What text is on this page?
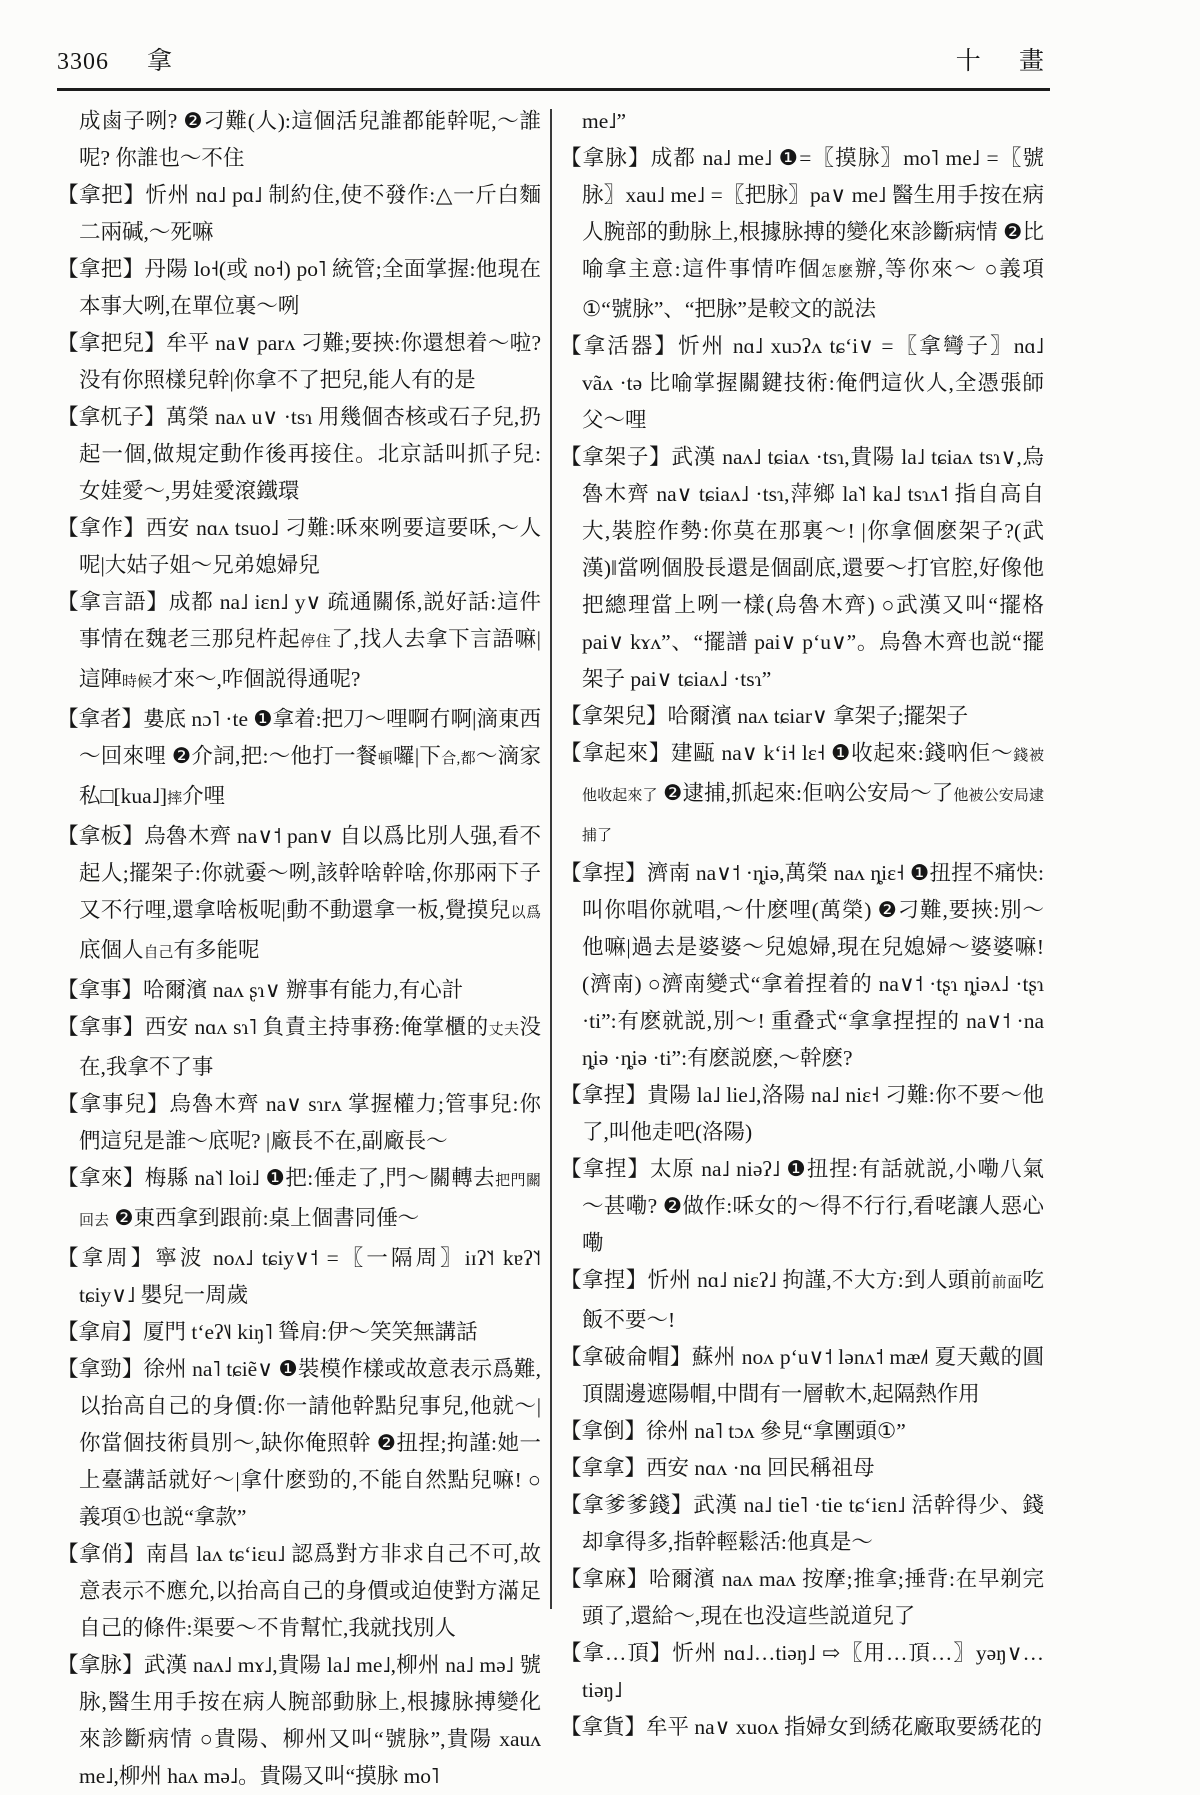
3306 拿	十 畫

成鹵子咧? ❷刁難(人):這個活兒誰都能幹呢,～誰呢? 你誰也～不住

【拿把】忻州 nɑ˩ pɑ˩ 制約住,使不發作:△一斤白麵二兩碱,～死嘛

【拿把】丹陽 lo˧(或 no˧) po˥ 統管;全面掌握:他現在本事大咧,在單位裏～咧

【拿把兒】牟平 na∨ parʌ 刁難;要挾:你還想着～啦? 没有你照樣兒幹|你拿不了把兒,能人有的是

【拿杌子】萬榮 naʌ u∨ ·tsɿ 用幾個杏核或石子兒,扔起一個,做規定動作後再接住。北京話叫抓子兒:女娃愛～,男娃愛滾鐵環

【拿作】西安 nɑʌ tsuo˩ 刁難:咊來咧要這要咊,～人呢|大姑子姐～兄弟媳婦兒

【拿言語】成都 na˩ iɛn˩ y∨ 疏通關係,説好話:這件事情在魏老三那兒杵起停住了,找人去拿下言語嘛|這陣時候才來～,咋個説得通呢?

【拿者】婁底 nɔ˥ ·te ❶拿着:把刀～哩啊冇啊|滴東西～回來哩 ❷介詞,把:～他打一餐頓囉|下合,都～滴家私□[kua˩]摔介哩

【拿板】烏魯木齊 na∨˦ pan∨ 自以爲比別人强,看不起人;擺架子:你就嫑～咧,該幹啥幹啥,你那兩下子又不行哩,還拿啥板呢|動不動還拿一板,覺摸兒以爲底個人自己有多能呢

【拿事】哈爾濱 naʌ ʂɿ∨ 辦事有能力,有心計

【拿事】西安 nɑʌ sɿ˥ 負責主持事務:俺掌櫃的丈夫没在,我拿不了事

【拿事兒】烏魯木齊 na∨ sɿrʌ 掌握權力;管事兒:你們這兒是誰～底呢? |廠長不在,副廠長～

【拿來】梅縣 na˥˦ loi˩ ❶把:倕走了,門～關轉去把門關回去 ❷東西拿到跟前:桌上個書同倕～

【拿周】寧波 noʌ˩ tɕiy∨˦ =〖一隔周〗iɪʔ˥˦ kɐʔ˥˦ tɕiy∨˩ 嬰兒一周歲

【拿肩】厦門 tʻeʔ˥˩ kiŋ˥ 聳肩:伊～笑笑無講話

【拿勁】徐州 na˥ tɕiẽ∨ ❶裝模作樣或故意表示爲難,以抬高自己的身價:你一請他幹點兒事兒,他就～|你當個技術員別～,缺你俺照幹 ❷扭捏;拘謹:她一上臺講話就好～|拿什麽勁的,不能自然點兒嘛! ○義項①也説“拿款”

【拿俏】南昌 laʌ tɕʻiɛu˩ 認爲對方非求自己不可,故意表示不應允,以抬高自己的身價或迫使對方滿足自己的條件:渠要～不肯幫忙,我就找別人

【拿脉】武漢 naʌ˩ mɤ˩,貴陽 la˩ me˩,柳州 na˩ mə˩ 號脉,醫生用手按在病人腕部動脉上,根據脉搏變化來診斷病情 ○貴陽、柳州又叫“號脉”,貴陽 xauʌ me˩,柳州 haʌ mə˩。貴陽又叫“摸脉 mo˥

me˩”

【拿脉】成都 na˩ me˩ ❶=〖摸脉〗mo˥ me˩ =〖號脉〗xau˩ me˩ =〖把脉〗pa∨ me˩ 醫生用手按在病人腕部的動脉上,根據脉搏的變化來診斷病情 ❷比喻拿主意:這件事情咋個怎麽辦,等你來～ ○義項①“號脉”、“把脉”是較文的説法

【拿活器】忻州 nɑ˩ xuɔʔʌ tɕʻi∨ =〖拿彎子〗nɑ˩ vãʌ ·tə 比喻掌握關鍵技術:俺們這伙人,全憑張師父～哩

【拿架子】武漢 naʌ˩ tɕiaʌ ·tsɿ,貴陽 la˩ tɕiaʌ tsɿ∨,烏魯木齊 na∨ tɕiaʌ˩ ·tsɿ,萍鄉 la˥˦ ka˩ tsɿʌ˦ 指自高自大,裝腔作勢:你莫在那裏～! |你拿個麽架子?(武漢)‖當咧個股長還是個副底,還要～打官腔,好像他把總理當上咧一樣(烏魯木齊) ○武漢又叫“擺格 pai∨ kɤʌ”、“擺譜 pai∨ pʻu∨”。烏魯木齊也説“擺架子 pai∨ tɕiaʌ˩ ·tsɿ”

【拿架兒】哈爾濱 naʌ tɕiar∨ 拿架子;擺架子

【拿起來】建甌 na∨ kʻi˧ lɛ˧ ❶收起來:錢吶佢～錢被他收起來了 ❷逮捕,抓起來:佢吶公安局～了他被公安局逮捕了

【拿捏】濟南 na∨˦ ·ȵiə,萬榮 naʌ ȵiɛ˧ ❶扭捏不痛快:叫你唱你就唱,～什麽哩(萬榮) ❷刁難,要挾:別～他嘛|過去是婆婆～兒媳婦,現在兒媳婦～婆婆嘛!(濟南) ○濟南變式“拿着捏着的 na∨˦ ·tʂɿ ȵiəʌ˩ ·tʂɿ ·ti”:有麽就説,別～! 重叠式“拿拿捏捏的 na∨˦ ·na ȵiə ·ȵiə ·ti”:有麽説麽,～幹麽?

【拿捏】貴陽 la˩ lie˩,洛陽 na˩ niɛ˧ 刁難:你不要～他了,叫他走吧(洛陽)

【拿捏】太原 na˩ niəʔ˩ ❶扭捏:有話就説,小嘞八氣～甚嘞? ❷做作:咊女的～得不行行,看咾讓人惡心嘞

【拿捏】忻州 nɑ˩ niɛʔ˩ 拘謹,不大方:到人頭前前面吃飯不要～!

【拿破侖帽】蘇州 noʌ pʻu∨˦ lənʌ˦ mæ˩˦ 夏天戴的圓頂闊邊遮陽帽,中間有一層軟木,起隔熱作用

【拿倒】徐州 na˥ tɔʌ 參見“拿團頭①”

【拿拿】西安 nɑʌ ·nɑ 回民稱祖母

【拿爹爹錢】武漢 na˩ tie˥ ·tie tɕʻiɛn˩ 活幹得少、錢却拿得多,指幹輕鬆活:他真是～

【拿麻】哈爾濱 naʌ maʌ 按摩;推拿;捶背:在早剃完頭了,還給～,現在也没這些説道兒了

【拿…頂】忻州 nɑ˩…tiəŋ˩ ⇨〖用…頂…〗yəŋ∨…tiəŋ˩

【拿貨】牟平 na∨ xuoʌ 指婦女到綉花廠取要綉花的
